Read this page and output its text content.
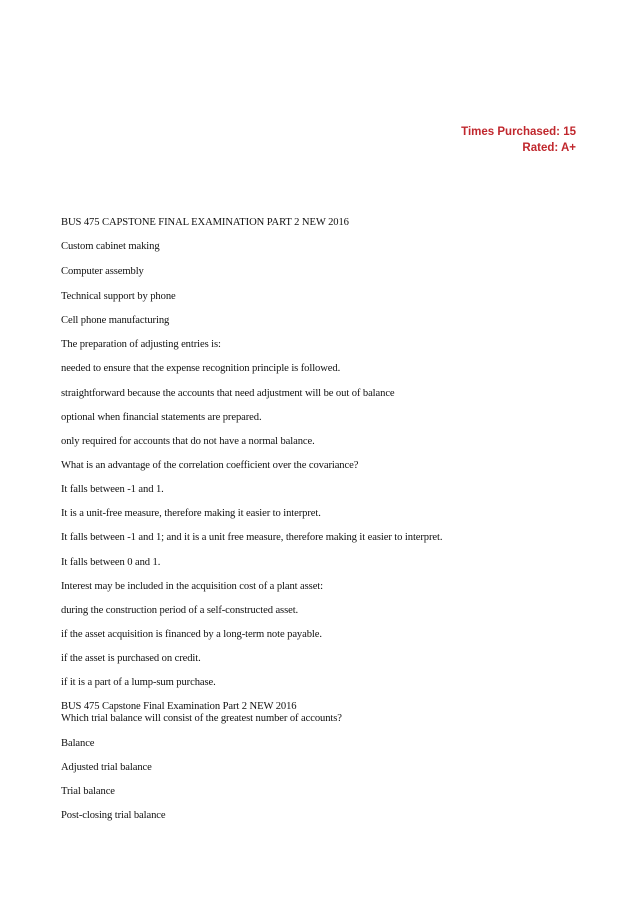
Times Purchased: 15
Rated: A+
BUS 475 CAPSTONE FINAL EXAMINATION PART 2 NEW 2016
Custom cabinet making
Computer assembly
Technical support by phone
Cell phone manufacturing
The preparation of adjusting entries is:
needed to ensure that the expense recognition principle is followed.
straightforward because the accounts that need adjustment will be out of balance
optional when financial statements are prepared.
only required for accounts that do not have a normal balance.
What is an advantage of the correlation coefficient over the covariance?
It falls between -1 and 1.
It is a unit-free measure, therefore making it easier to interpret.
It falls between -1 and 1; and it is a unit free measure, therefore making it easier to interpret.
It falls between 0 and 1.
Interest may be included in the acquisition cost of a plant asset:
during the construction period of a self-constructed asset.
if the asset acquisition is financed by a long-term note payable.
if the asset is purchased on credit.
if it is a part of a lump-sum purchase.
BUS 475 Capstone Final Examination Part 2 NEW 2016
Which trial balance will consist of the greatest number of accounts?
Balance
Adjusted trial balance
Trial balance
Post-closing trial balance
